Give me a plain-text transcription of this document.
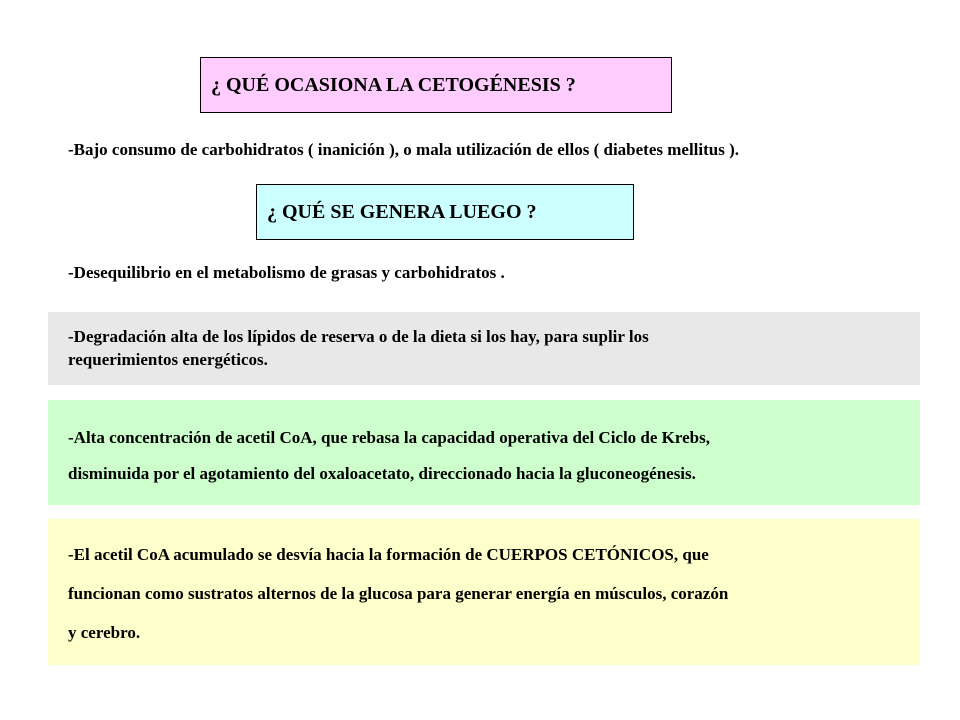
¿ QUÉ OCASIONA LA CETOGÉNESIS ?
-Bajo consumo de carbohidratos ( inanición ), o mala utilización de ellos ( diabetes mellitus ).
¿ QUÉ SE GENERA LUEGO ?
-Desequilibrio en el metabolismo de grasas y carbohidratos .

-Degradación alta de los lípidos de reserva o de la dieta si los hay, para suplir los

requerimientos energéticos.

-Alta concentración de acetil CoA, que rebasa la capacidad operativa del Ciclo de Krebs,

disminuida por el agotamiento del oxaloacetato, direccionado hacia la gluconeogénesis.

-El acetil CoA acumulado se desvía hacia la formación de CUERPOS CETÓNICOS, que

funcionan como sustratos alternos de la glucosa para generar energía en músculos, corazón

y cerebro.
